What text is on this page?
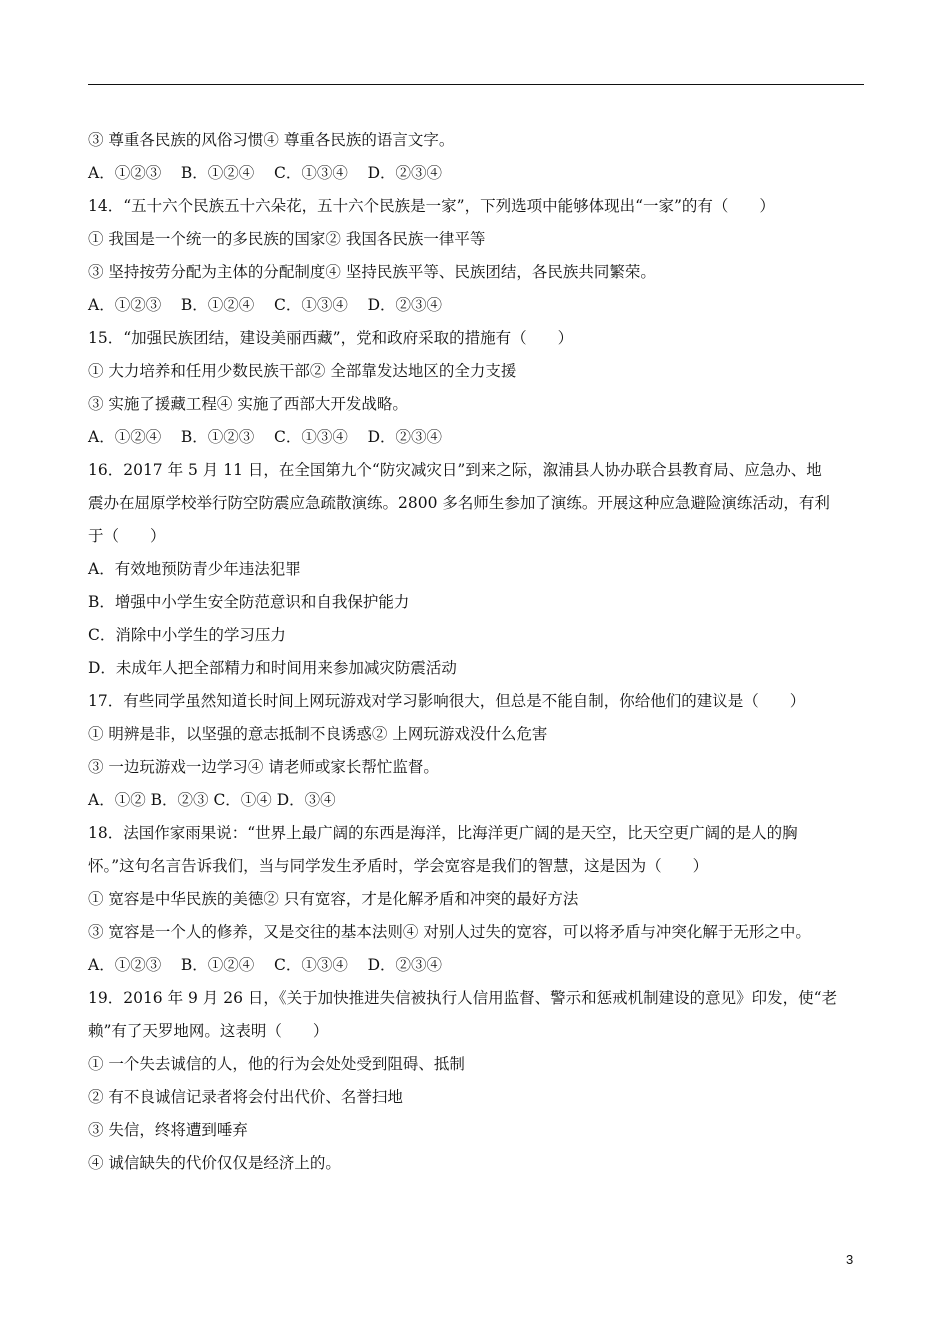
③ 尊重各民族的风俗习惯④ 尊重各民族的语言文字。

A．①②③    B．①②④    C．①③④    D．②③④

14．“五十六个民族五十六朵花，五十六个民族是一家”，下列选项中能够体现出“一家”的有（　　）

① 我国是一个统一的多民族的国家② 我国各民族一律平等

③ 坚持按劳分配为主体的分配制度④ 坚持民族平等、民族团结，各民族共同繁荣。

A．①②③    B．①②④    C．①③④    D．②③④

15．“加强民族团结，建设美丽西藏”，党和政府采取的措施有（　　）

① 大力培养和任用少数民族干部② 全部靠发达地区的全力支援

③ 实施了援藏工程④ 实施了西部大开发战略。

A．①②④    B．①②③    C．①③④    D．②③④

16．2017 年 5 月 11 日，在全国第九个“防灾减灾日”到来之际，溆浦县人协办联合县教育局、应急办、地

震办在屈原学校举行防空防震应急疏散演练。2800 多名师生参加了演练。开展这种应急避险演练活动，有利

于（　　）

A．有效地预防青少年违法犯罪

B．增强中小学生安全防范意识和自我保护能力

C．消除中小学生的学习压力

D．未成年人把全部精力和时间用来参加减灾防震活动

17．有些同学虽然知道长时间上网玩游戏对学习影响很大，但总是不能自制，你给他们的建议是（　　）

① 明辨是非，以坚强的意志抵制不良诱惑② 上网玩游戏没什么危害

③ 一边玩游戏一边学习④ 请老师或家长帮忙监督。

A．①② B．②③ C．①④ D．③④

18．法国作家雨果说：“世界上最广阔的东西是海洋，比海洋更广阔的是天空，比天空更广阔的是人的胸

怀。”这句名言告诉我们，当与同学发生矛盾时，学会宽容是我们的智慧，这是因为（　　）

① 宽容是中华民族的美德② 只有宽容，才是化解矛盾和冲突的最好方法

③ 宽容是一个人的修养，又是交往的基本法则④ 对别人过失的宽容，可以将矛盾与冲突化解于无形之中。

A．①②③    B．①②④    C．①③④    D．②③④

19．2016 年 9 月 26 日，《关于加快推进失信被执行人信用监督、警示和惩戒机制建设的意见》印发，使“老

赖”有了天罗地网。这表明（　　）

① 一个失去诚信的人，他的行为会处处受到阻碍、抵制

② 有不良诚信记录者将会付出代价、名誉扫地

③ 失信，终将遭到唾弃

④ 诚信缺失的代价仅仅是经济上的。

3
